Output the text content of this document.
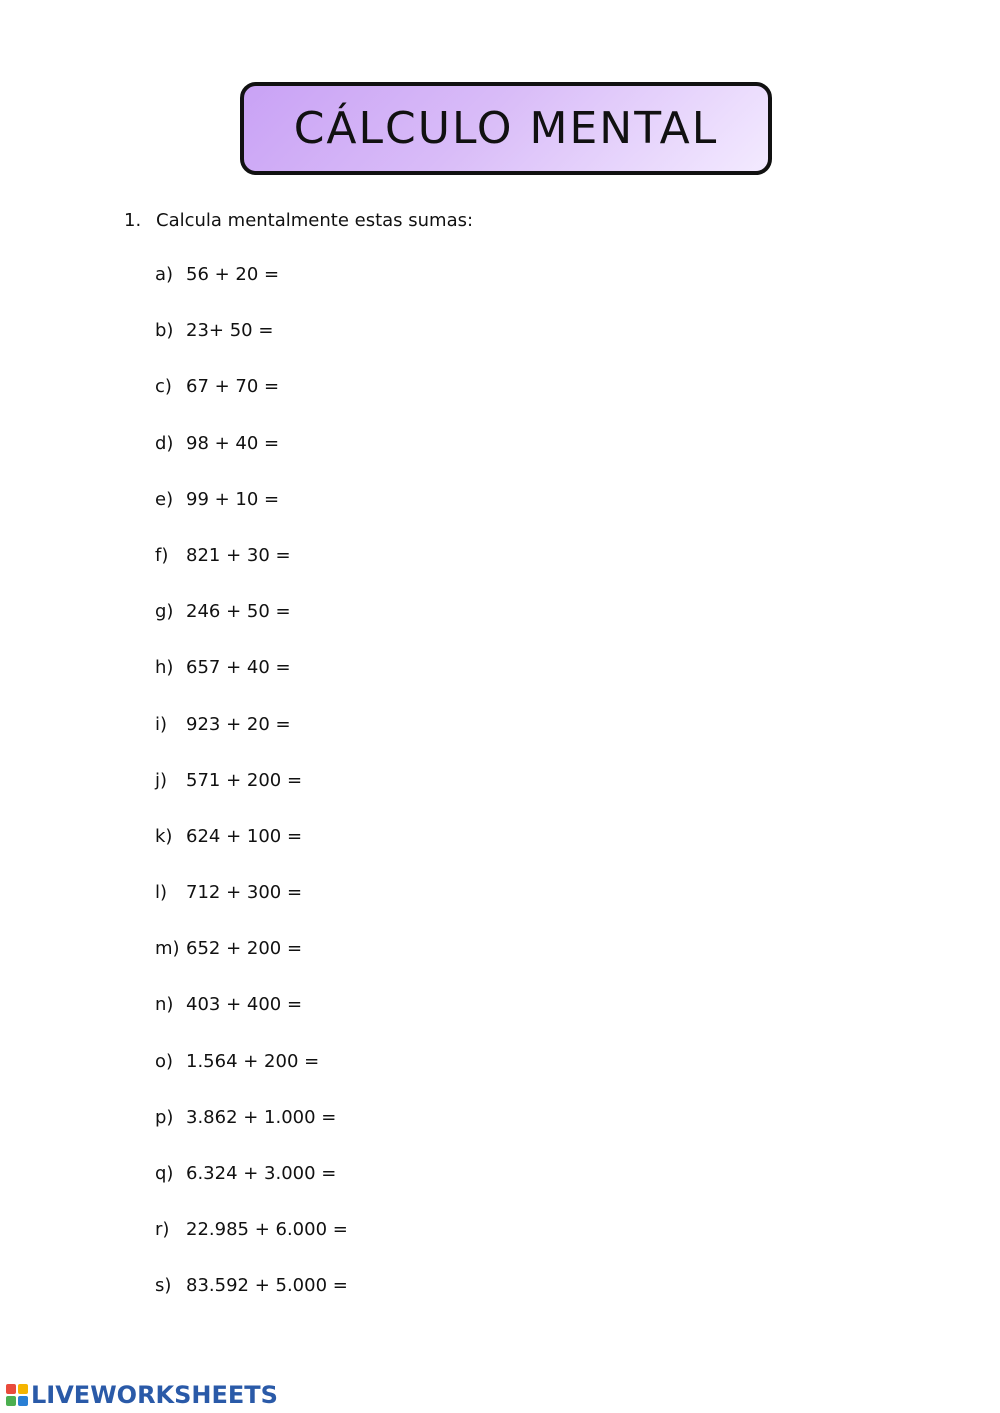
CÁLCULO MENTAL
1. Calcula mentalmente estas sumas:
a) 56 + 20 =
b) 23+ 50 =
c) 67 + 70 =
d) 98 + 40 =
e) 99 + 10 =
f) 821 + 30 =
g) 246 + 50 =
h) 657 + 40 =
i)	923 + 20 =
j)	571 + 200 =
k) 624 + 100 =
l)	712 + 300 =
m) 652 + 200 =
n) 403 + 400 =
o) 1.564 + 200 =
p) 3.862 + 1.000 =
q) 6.324 + 3.000 =
r) 22.985 + 6.000 =
s) 83.592 + 5.000 =
LIVEWORKSHEETS
